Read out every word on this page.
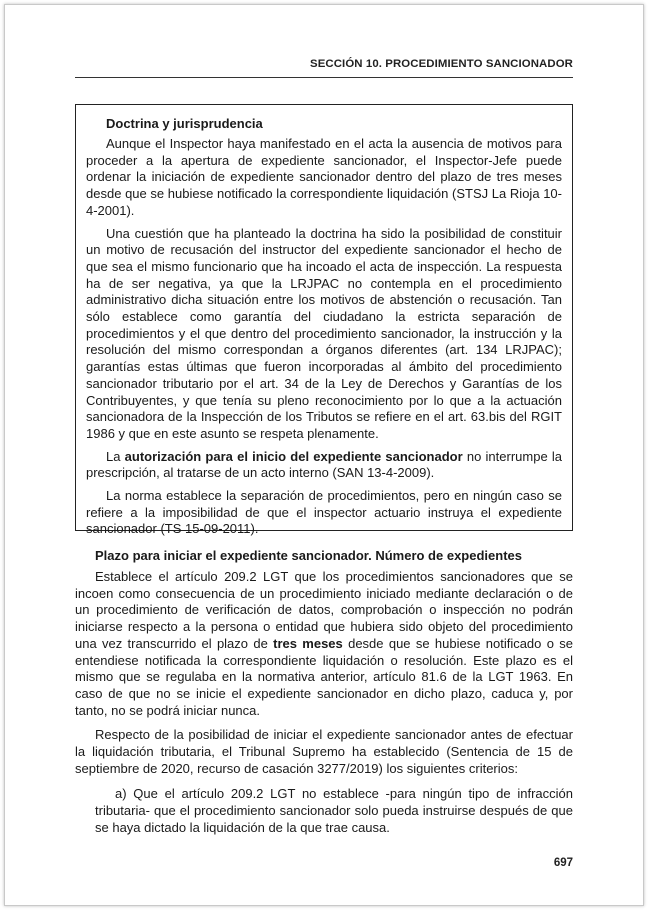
SECCIÓN 10. PROCEDIMIENTO SANCIONADOR
Doctrina y jurisprudencia

Aunque el Inspector haya manifestado en el acta la ausencia de motivos para proceder a la apertura de expediente sancionador, el Inspector-Jefe puede ordenar la iniciación de expediente sancionador dentro del plazo de tres meses desde que se hubiese notificado la correspondiente liquidación (STSJ La Rioja 10-4-2001).

Una cuestión que ha planteado la doctrina ha sido la posibilidad de constituir un motivo de recusación del instructor del expediente sancionador el hecho de que sea el mismo funcionario que ha incoado el acta de inspección. La respuesta ha de ser negativa, ya que la LRJPAC no contempla en el procedimiento administrativo dicha situación entre los motivos de abstención o recusación. Tan sólo establece como garantía del ciudadano la estricta separación de procedimientos y el que dentro del procedimiento sancionador, la instrucción y la resolución del mismo correspondan a órganos diferentes (art. 134 LRJPAC); garantías estas últimas que fueron incorporadas al ámbito del procedimiento sancionador tributario por el art. 34 de la Ley de Derechos y Garantías de los Contribuyentes, y que tenía su pleno reconocimiento por lo que a la actuación sancionadora de la Inspección de los Tributos se refiere en el art. 63.bis del RGIT 1986 y que en este asunto se respeta plenamente.

La autorización para el inicio del expediente sancionador no interrumpe la prescripción, al tratarse de un acto interno (SAN 13-4-2009).

La norma establece la separación de procedimientos, pero en ningún caso se refiere a la imposibilidad de que el inspector actuario instruya el expediente sancionador (TS 15-09-2011).

Plazo para iniciar el expediente sancionador. Número de expedientes

Establece el artículo 209.2 LGT que los procedimientos sancionadores que se incoen como consecuencia de un procedimiento iniciado mediante declaración o de un procedimiento de verificación de datos, comprobación o inspección no podrán iniciarse respecto a la persona o entidad que hubiera sido objeto del procedimiento una vez transcurrido el plazo de tres meses desde que se hubiese notificado o se entendiese notificada la correspondiente liquidación o resolución. Este plazo es el mismo que se regulaba en la normativa anterior, artículo 81.6 de la LGT 1963. En caso de que no se inicie el expediente sancionador en dicho plazo, caduca y, por tanto, no se podrá iniciar nunca.

Respecto de la posibilidad de iniciar el expediente sancionador antes de efectuar la liquidación tributaria, el Tribunal Supremo ha establecido (Sentencia de 15 de septiembre de 2020, recurso de casación 3277/2019) los siguientes criterios:

a) Que el artículo 209.2 LGT no establece -para ningún tipo de infracción tributaria- que el procedimiento sancionador solo pueda instruirse después de que se haya dictado la liquidación de la que trae causa.

697
